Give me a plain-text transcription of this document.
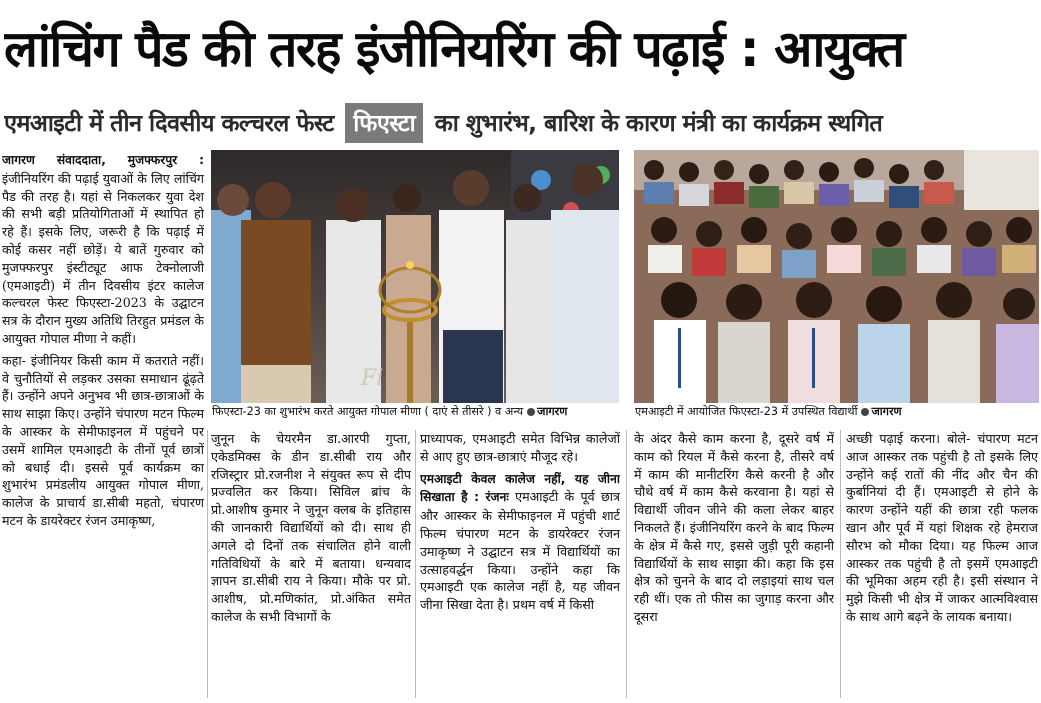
लांचिंग पैड की तरह इंजीनियरिंग की पढ़ाई : आयुक्त
एमआइटी में तीन दिवसीय कल्चरल फेस्ट फिएस्टा का शुभारंभ, बारिश के कारण मंत्री का कार्यक्रम स्थगित

जागरण संवाददाता, मुजफ्फरपुर : इंजीनियरिंग की पढ़ाई युवाओं के लिए लांचिंग पैड की तरह है। यहां से निकलकर युवा देश की सभी बड़ी प्रतियोगिताओं में स्थापित हो रहे हैं। इसके लिए, जरूरी है कि पढ़ाई में कोई कसर नहीं छोड़ें। ये बातें गुरुवार को मुजफ्फरपुर इंस्टीट्यूट आफ टेक्नोलाजी (एमआइटी) में तीन दिवसीय इंटर कालेज कल्चरल फेस्ट फिएस्टा-2023 के उद्घाटन सत्र के दौरान मुख्य अतिथि तिरहुत प्रमंडल के आयुक्त गोपाल मीणा ने कहीं।

कहा- इंजीनियर किसी काम में कतराते नहीं। वे चुनौतियों से लड़कर उसका समाधान ढूंढ़ते हैं। उन्होंने अपने अनुभव भी छात्र-छात्राओं के साथ साझा किए। उन्होंने चंपारण मटन फिल्म के आस्कर के सेमीफाइनल में पहुंचने पर उसमें शामिल एमआइटी के तीनों पूर्व छात्रों को बधाई दी। इससे पूर्व कार्यक्रम का शुभारंभ प्रमंडलीय आयुक्त गोपाल मीणा, कालेज के प्राचार्य डा.सीबी महतो, चंपारण मटन के डायरेक्टर रंजन उमाकृष्ण,

Fi
फिएस्टा-23 का शुभारंभ करते आयुक्त गोपाल मीणा ( दाएं से तीसरे ) व अन्य जागरण	एमआइटी में आयोजित फिएस्टा-23 में उपस्थित विद्यार्थी जागरण

जुनून के चेयरमैन डा.आरपी गुप्ता, एकेडमिक्स के डीन डा.सीबी राय और रजिस्ट्रार प्रो.रजनीश ने संयुक्त रूप से दीप प्रज्वलित कर किया। सिविल ब्रांच के प्रो.आशीष कुमार ने जुनून क्लब के इतिहास की जानकारी विद्यार्थियों को दी। साथ ही अगले दो दिनों तक संचालित होने वाली गतिविधियों के बारे में बताया। धन्यवाद ज्ञापन डा.सीबी राय ने किया। मौके पर प्रो. आशीष, प्रो.मणिकांत, प्रो.अंकित समेत कालेज के सभी विभागों के

प्राध्यापक, एमआइटी समेत विभिन्न कालेजों से आए हुए छात्र-छात्राएं मौजूद रहे।

एमआइटी केवल कालेज नहीं, यह जीना सिखाता है : रंजनः एमआइटी के पूर्व छात्र और आस्कर के सेमीफाइनल में पहुंची शार्ट फिल्म चंपारण मटन के डायरेक्टर रंजन उमाकृष्ण ने उद्घाटन सत्र में विद्यार्थियों का उत्साहवर्द्धन किया। उन्होंने कहा कि एमआइटी एक कालेज नहीं है, यह जीवन जीना सिखा देता है। प्रथम वर्ष में किसी

के अंदर कैसे काम करना है, दूसरे वर्ष में काम को रियल में कैसे करना है, तीसरे वर्ष में काम की मानीटरिंग कैसे करनी है और चौथे वर्ष में काम कैसे करवाना है। यहां से विद्यार्थी जीवन जीने की कला लेकर बाहर निकलते हैं। इंजीनियरिंग करने के बाद फिल्म के क्षेत्र में कैसे गए, इससे जुड़ी पूरी कहानी विद्यार्थियों के साथ साझा की। कहा कि इस क्षेत्र को चुनने के बाद दो लड़ाइयां साथ चल रही थीं। एक तो फीस का जुगाड़ करना और दूसरा

अच्छी पढ़ाई करना। बोले- चंपारण मटन आज आस्कर तक पहुंची है तो इसके लिए उन्होंने कई रातों की नींद और चैन की कुर्बानियां दी हैं। एमआइटी से होने के कारण उन्होंने यहीं की छात्रा रही फलक खान और पूर्व में यहां शिक्षक रहे हेमराज सौरभ को मौका दिया। यह फिल्म आज आस्कर तक पहुंची है तो इसमें एमआइटी की भूमिका अहम रही है। इसी संस्थान ने मुझे किसी भी क्षेत्र में जाकर आत्मविश्वास के साथ आगे बढ़ने के लायक बनाया।
